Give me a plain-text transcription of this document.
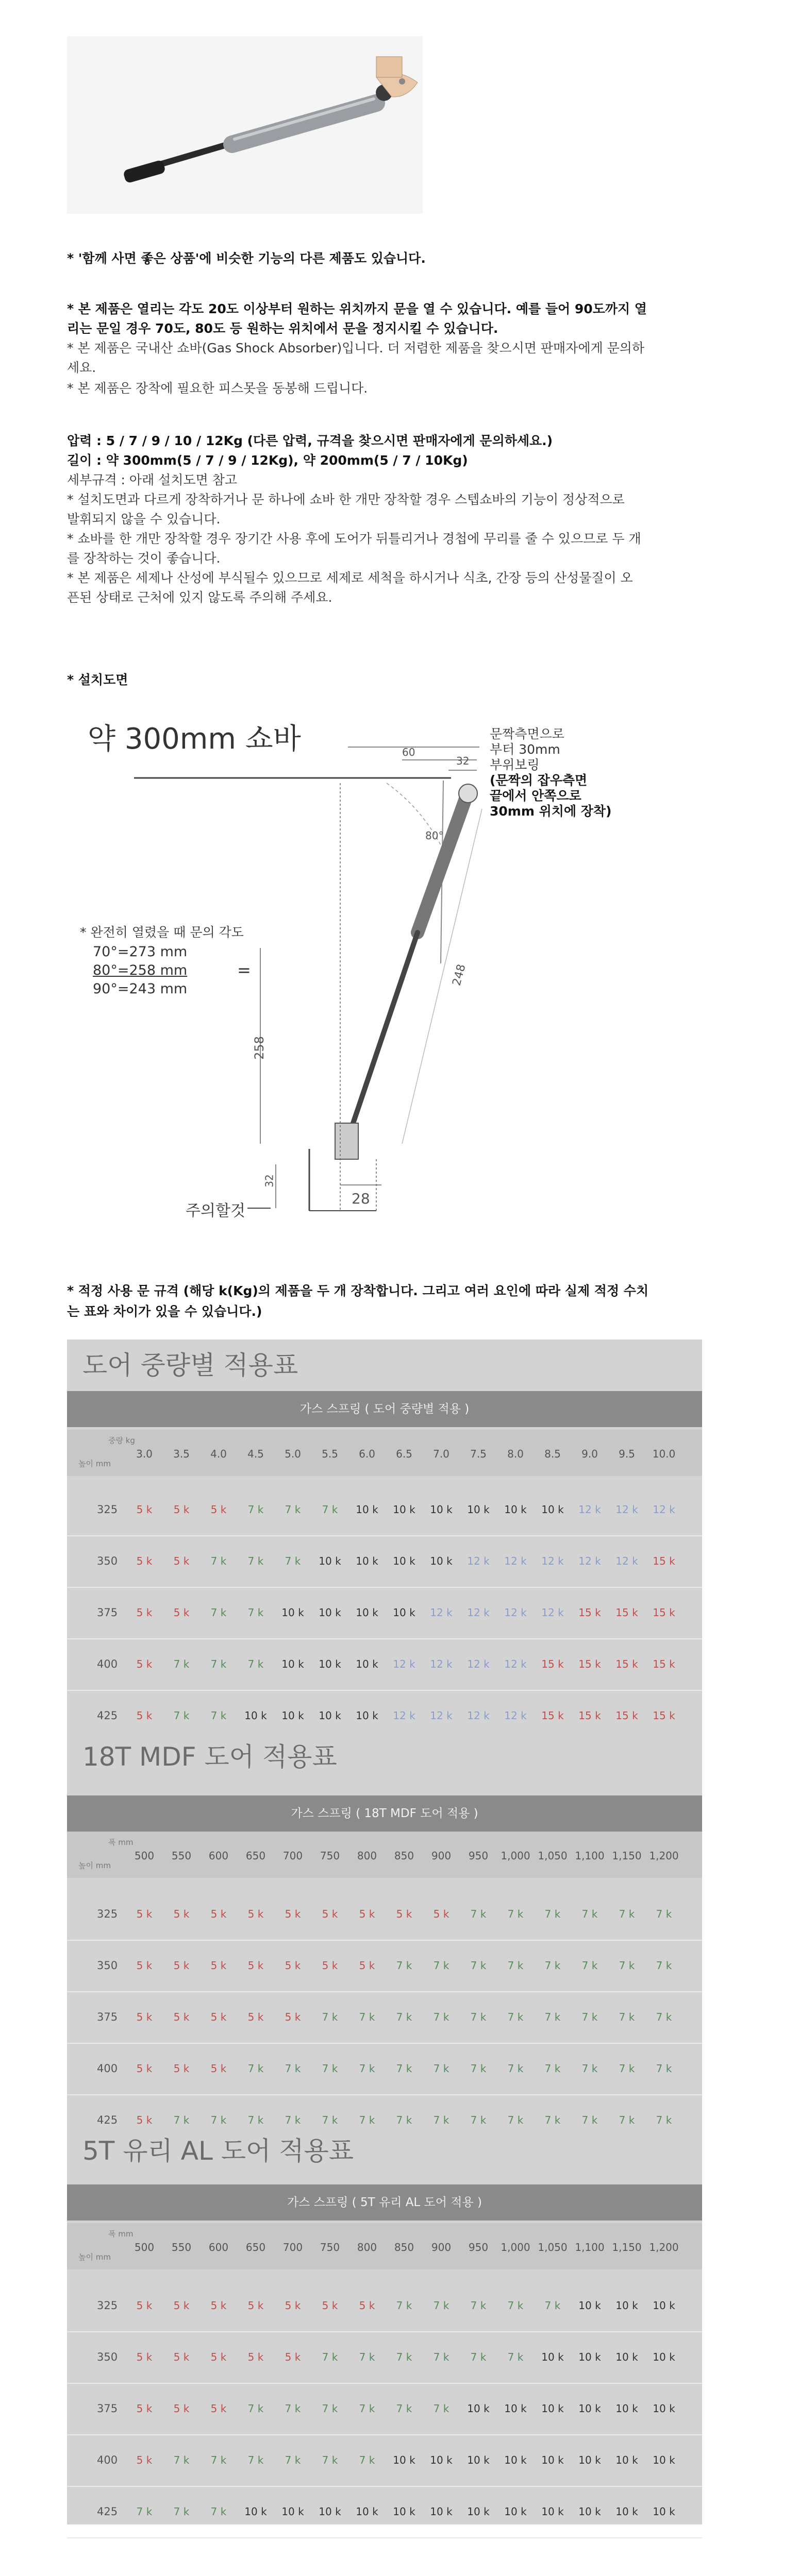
* '함께 사면 좋은 상품'에 비슷한 기능의 다른 제품도 있습니다.
* 본 제품은 열리는 각도 20도 이상부터 원하는 위치까지 문을 열 수 있습니다. 예를 들어 90도까지 열
리는 문일 경우 70도, 80도 등 원하는 위치에서 문을 정지시킬 수 있습니다.
* 본 제품은 국내산 쇼바(Gas Shock Absorber)입니다. 더 저렴한 제품을 찾으시면 판매자에게 문의하
세요.
* 본 제품은 장착에 필요한 피스못을 동봉해 드립니다.
압력 : 5 / 7 / 9 / 10 / 12Kg (다른 압력, 규격을 찾으시면 판매자에게 문의하세요.)
길이 : 약 300mm(5 / 7 / 9 / 12Kg), 약 200mm(5 / 7 / 10Kg)
세부규격 : 아래 설치도면 참고
* 설치도면과 다르게 장착하거나 문 하나에 쇼바 한 개만 장착할 경우 스텝쇼바의 기능이 정상적으로
발휘되지 않을 수 있습니다.
* 쇼바를 한 개만 장착할 경우 장기간 사용 후에 도어가 뒤틀리거나 경첩에 무리를 줄 수 있으므로 두 개
를 장착하는 것이 좋습니다.
* 본 제품은 세제나 산성에 부식될수 있으므로 세제로 세척을 하시거나 식초, 간장 등의 산성물질이 오
픈된 상태로 근처에 있지 않도록 주의해 주세요.
* 설치도면
약 300mm 쇼바	60
32
80°
258
248
32
28
문짝측면으로
부터 30mm
부위보링
(문짝의 잡우측면
끝에서 안쪽으로
30mm 위치에 장착)
* 완전히 열렸을 때 문의 각도
70°=273 mm
80°=258 mm
90°=243 mm
=
주의할것
* 적정 사용 문 규격 (해당 k(Kg)의 제품을 두 개 장착합니다. 그리고 여러 요인에 따라 실제 적정 수치
는 표와 차이가 있을 수 있습니다.)
가스 스프링 ( 도어 중량별 적용 )
중량 kg
높이 mm
3.0	3.5	4.0	4.5	5.0	5.5	6.0	6.5	7.0	7.5	8.0	8.5	9.0	9.5	10.0
325	5 k	5 k	5 k	7 k	7 k	7 k	10 k	10 k	10 k	10 k	10 k	10 k	12 k	12 k	12 k
350	5 k	5 k	7 k	7 k	7 k	10 k	10 k	10 k	10 k	12 k	12 k	12 k	12 k	12 k	15 k
375	5 k	5 k	7 k	7 k	10 k	10 k	10 k	10 k	12 k	12 k	12 k	12 k	15 k	15 k	15 k
400	5 k	7 k	7 k	7 k	10 k	10 k	10 k	12 k	12 k	12 k	12 k	15 k	15 k	15 k	15 k
425	5 k	7 k	7 k	10 k	10 k	10 k	10 k	12 k	12 k	12 k	12 k	15 k	15 k	15 k	15 k
도어 중량별 적용표
가스 스프링 ( 18T MDF 도어 적용 )
폭 mm
높이 mm
500	550	600	650	700	750	800	850	900	950	1,000 1,050 1,100 1,150 1,200
325	5 k	5 k	5 k	5 k	5 k	5 k	5 k	5 k	5 k	7 k	7 k	7 k	7 k	7 k	7 k
350	5 k	5 k	5 k	5 k	5 k	5 k	5 k	7 k	7 k	7 k	7 k	7 k	7 k	7 k	7 k
375	5 k	5 k	5 k	5 k	5 k	7 k	7 k	7 k	7 k	7 k	7 k	7 k	7 k	7 k	7 k
400	5 k	5 k	5 k	7 k	7 k	7 k	7 k	7 k	7 k	7 k	7 k	7 k	7 k	7 k	7 k
425	5 k	7 k	7 k	7 k	7 k	7 k	7 k	7 k	7 k	7 k	7 k	7 k	7 k	7 k	7 k
18T MDF 도어 적용표
가스 스프링 ( 5T 유리 AL 도어 적용 )
폭 mm
높이 mm
500	550	600	650	700	750	800	850	900	950	1,000 1,050 1,100 1,150 1,200
325	5 k	5 k	5 k	5 k	5 k	5 k	5 k	7 k	7 k	7 k	7 k	7 k	10 k	10 k	10 k
350	5 k	5 k	5 k	5 k	5 k	7 k	7 k	7 k	7 k	7 k	7 k	10 k	10 k	10 k	10 k
375	5 k	5 k	5 k	7 k	7 k	7 k	7 k	7 k	7 k	10 k	10 k	10 k	10 k	10 k	10 k
400	5 k	7 k	7 k	7 k	7 k	7 k	7 k	10 k	10 k	10 k	10 k	10 k	10 k	10 k	10 k
425	7 k	7 k	7 k	10 k	10 k	10 k	10 k	10 k	10 k	10 k	10 k	10 k	10 k	10 k	10 k
5T 유리 AL 도어 적용표
